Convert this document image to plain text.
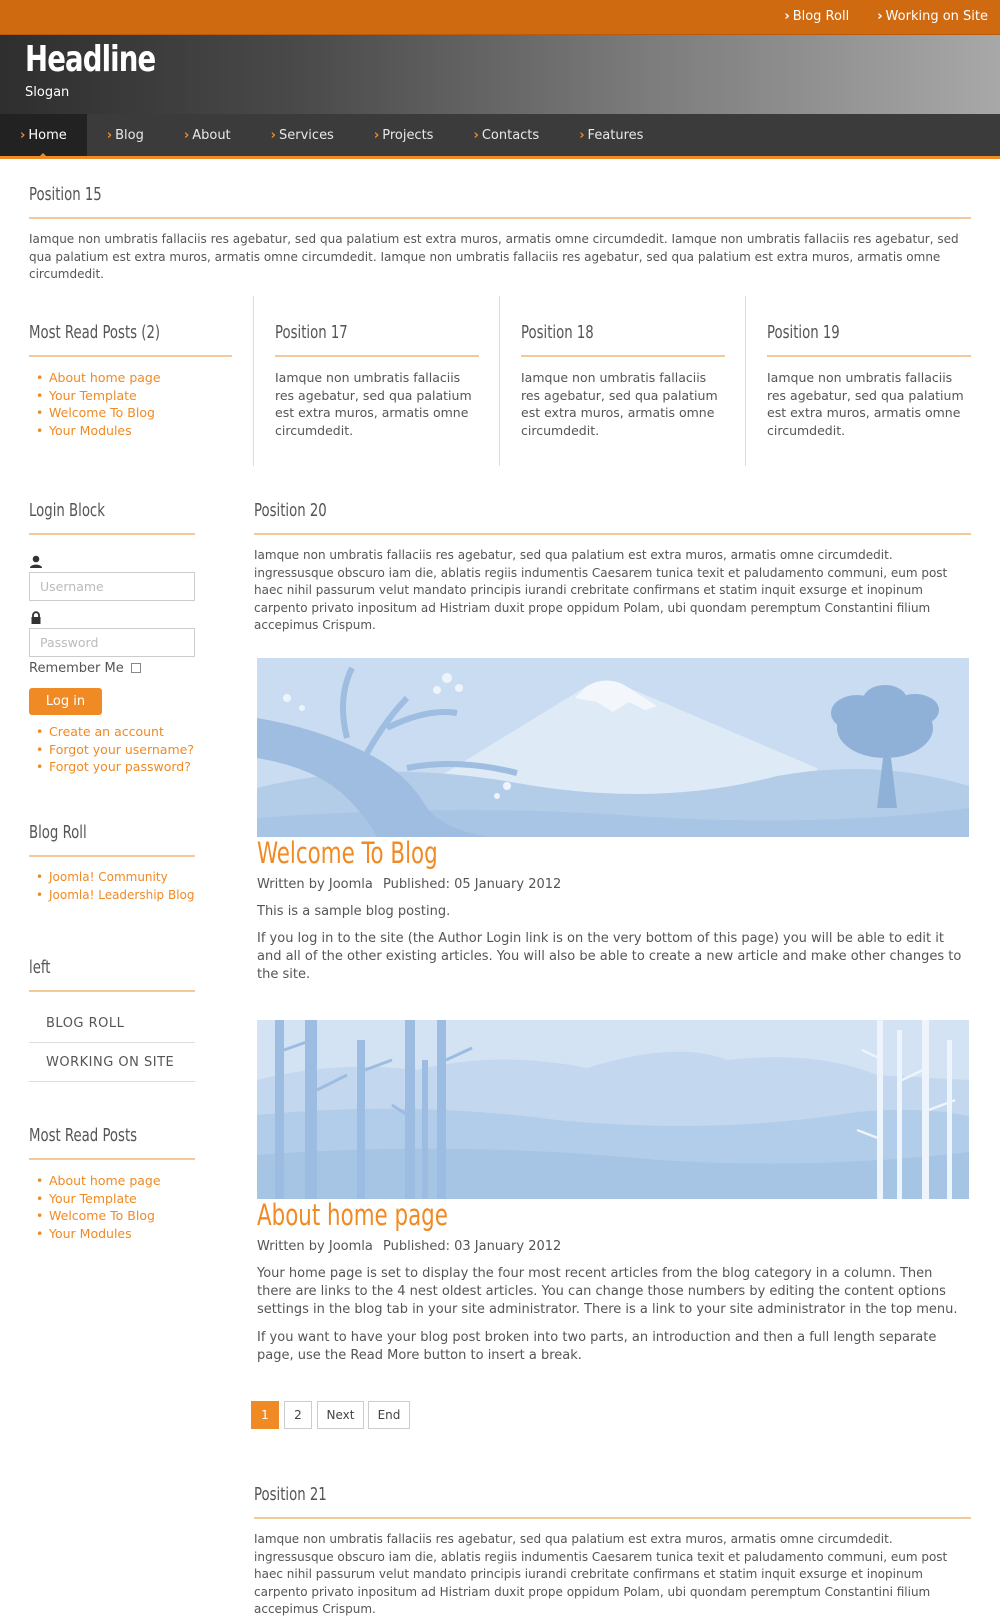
› Blog Roll › Working on Site
Headline
Slogan
› Home	› Blog	› About	› Services	› Projects	› Contacts	› Features
Position 15
Iamque non umbratis fallaciis res agebatur, sed qua palatium est extra muros, armatis omne circumdedit. Iamque non umbratis fallaciis res agebatur, sed qua palatium est extra muros, armatis omne circumdedit. Iamque non umbratis fallaciis res agebatur, sed qua palatium est extra muros, armatis omne circumdedit.
Most Read Posts (2)
• About home page
• Your Template
• Welcome To Blog
• Your Modules
Position 17
Iamque non umbratis fallaciis res agebatur, sed qua palatium est extra muros, armatis omne circumdedit.
Position 18
Iamque non umbratis fallaciis res agebatur, sed qua palatium est extra muros, armatis omne circumdedit.
Position 19
Iamque non umbratis fallaciis res agebatur, sed qua palatium est extra muros, armatis omne circumdedit.
Login Block
Username
Password
Remember Me
Log in
• Create an account
• Forgot your username?
• Forgot your password?
Blog Roll
• Joomla! Community
• Joomla! Leadership Blog
left
BLOG ROLL
WORKING ON SITE
Most Read Posts
• About home page
• Your Template
• Welcome To Blog
• Your Modules
Position 20
Iamque non umbratis fallaciis res agebatur, sed qua palatium est extra muros, armatis omne circumdedit. ingressusque obscuro iam die, ablatis regiis indumentis Caesarem tunica texit et paludamento communi, eum post haec nihil passurum velut mandato principis iurandi crebritate confirmans et statim inquit exsurge et inopinum carpento privato inpositum ad Histriam duxit prope oppidum Polam, ubi quondam peremptum Constantini filium accepimus Crispum.
Welcome To Blog
Written by Joomla Published: 05 January 2012
This is a sample blog posting.
If you log in to the site (the Author Login link is on the very bottom of this page) you will be able to edit it and all of the other existing articles. You will also be able to create a new article and make other changes to the site.
About home page
Written by Joomla Published: 03 January 2012
Your home page is set to display the four most recent articles from the blog category in a column. Then there are links to the 4 nest oldest articles. You can change those numbers by editing the content options settings in the blog tab in your site administrator. There is a link to your site administrator in the top menu.
If you want to have your blog post broken into two parts, an introduction and then a full length separate page, use the Read More button to insert a break.
1	2	Next	End
Position 21
Iamque non umbratis fallaciis res agebatur, sed qua palatium est extra muros, armatis omne circumdedit. ingressusque obscuro iam die, ablatis regiis indumentis Caesarem tunica texit et paludamento communi, eum post haec nihil passurum velut mandato principis iurandi crebritate confirmans et statim inquit exsurge et inopinum carpento privato inpositum ad Histriam duxit prope oppidum Polam, ubi quondam peremptum Constantini filium accepimus Crispum.
